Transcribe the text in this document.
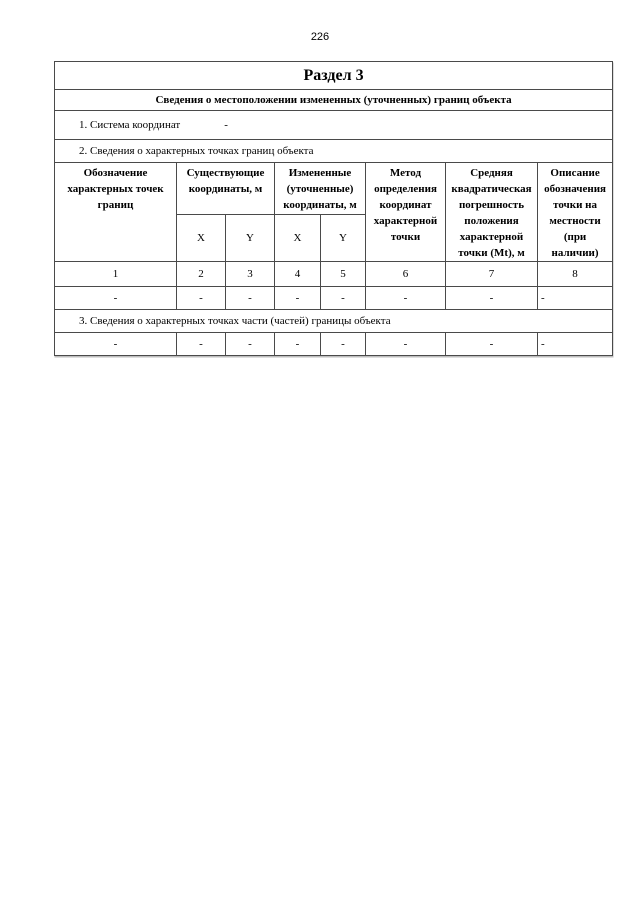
226
Раздел 3							
Сведения о местоположении измененных (уточненных) границ объекта							
1. Система координат -							
2. Сведения о характерных точках границ объекта							
Обозначение характерных точек границ	Существующие координаты, м		Измененные (уточненные) координаты, м		Метод определения координат характерной точки	Средняя квадратическая погрешность положения характерной точки (Mt), м	Описание обозначения точки на местности (при наличии)
	X	Y	X	Y			
1	2	3	4	5	6	7	8
-	-	-	-	-	-	-	-
3. Сведения о характерных точках части (частей) границы объекта							
-	-	-	-	-	-	-	-
